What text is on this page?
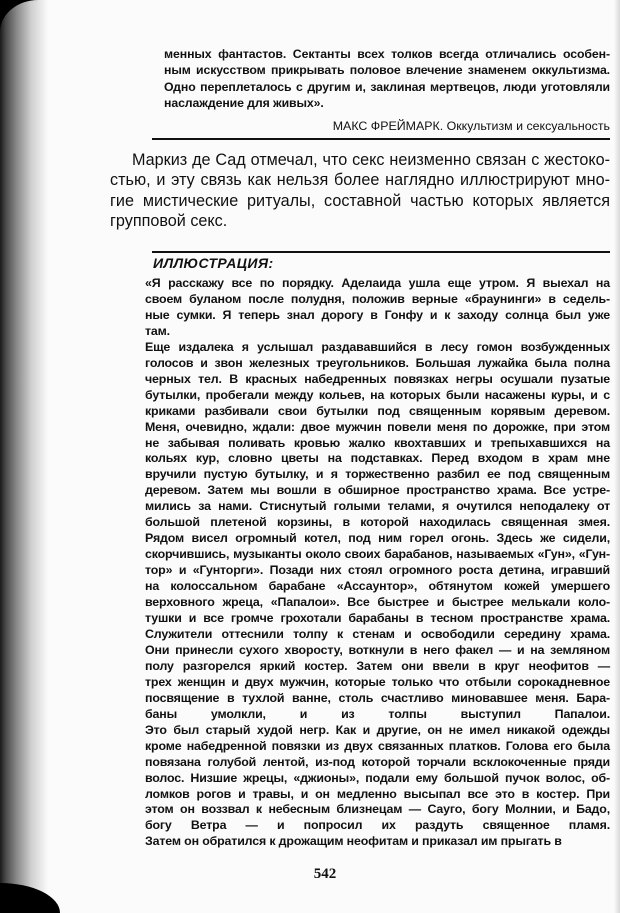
менных фантастов. Сектанты всех толков всегда отличались особен-
ным искусством прикрывать половое влечение знаменем оккультизма.
Одно переплеталось с другим и, заклиная мертвецов, люди уготовляли
наслаждение для живых».
МАКС ФРЕЙМАРК. Оккультизм и сексуальность
Маркиз де Сад отмечал, что секс неизменно связан с жестоко-
стью, и эту связь как нельзя более наглядно иллюстрируют мно-
гие мистические ритуалы, составной частью которых является
групповой секс.
ИЛЛЮСТРАЦИЯ:
«Я расскажу все по порядку. Аделаида ушла еще утром. Я выехал на
своем буланом после полудня, положив верные «браунинги» в седель-
ные сумки. Я теперь знал дорогу в Гонфу и к заходу солнца был уже
там.
Еще издалека я услышал раздававшийся в лесу гомон возбужденных
голосов и звон железных треугольников. Большая лужайка была полна
черных тел. В красных набедренных повязках негры осушали пузатые
бутылки, пробегали между кольев, на которых были насажены куры, и с
криками разбивали свои бутылки под священным корявым деревом.
Меня, очевидно, ждали: двое мужчин повели меня по дорожке, при этом
не забывая поливать кровью жалко квохтавших и трепыхавшихся на
кольях кур, словно цветы на подставках. Перед входом в храм мне
вручили пустую бутылку, и я торжественно разбил ее под священным
деревом. Затем мы вошли в обширное пространство храма. Все устре-
мились за нами. Стиснутый голыми телами, я очутился неподалеку от
большой плетеной корзины, в которой находилась священная змея.
Рядом висел огромный котел, под ним горел огонь. Здесь же сидели,
скорчившись, музыканты около своих барабанов, называемых «Гун», «Гун-
тор» и «Гунторги». Позади них стоял огромного роста детина, игравший
на колоссальном барабане «Ассаунтор», обтянутом кожей умершего
верховного жреца, «Папалои». Все быстрее и быстрее мелькали коло-
тушки и все громче грохотали барабаны в тесном пространстве храма.
Служители оттеснили толпу к стенам и освободили середину храма.
Они принесли сухого хворосту, воткнули в него факел — и на земляном
полу разгорелся яркий костер. Затем они ввели в круг неофитов —
трех женщин и двух мужчин, которые только что отбыли сорокадневное
посвящение в тухлой ванне, столь счастливо миновавшее меня. Бара-
баны умолкли, и из толпы выступил Папалои.
Это был старый худой негр. Как и другие, он не имел никакой одежды
кроме набедренной повязки из двух связанных платков. Голова его была
повязана голубой лентой, из-под которой торчали всклокоченные пряди
волос. Низшие жрецы, «джионы», подали ему большой пучок волос, об-
ломков рогов и травы, и он медленно высыпал все это в костер. При
этом он воззвал к небесным близнецам — Сауго, богу Молнии, и Бадо,
богу Ветра — и попросил их раздуть священное пламя.
Затем он обратился к дрожащим неофитам и приказал им прыгать в
542
